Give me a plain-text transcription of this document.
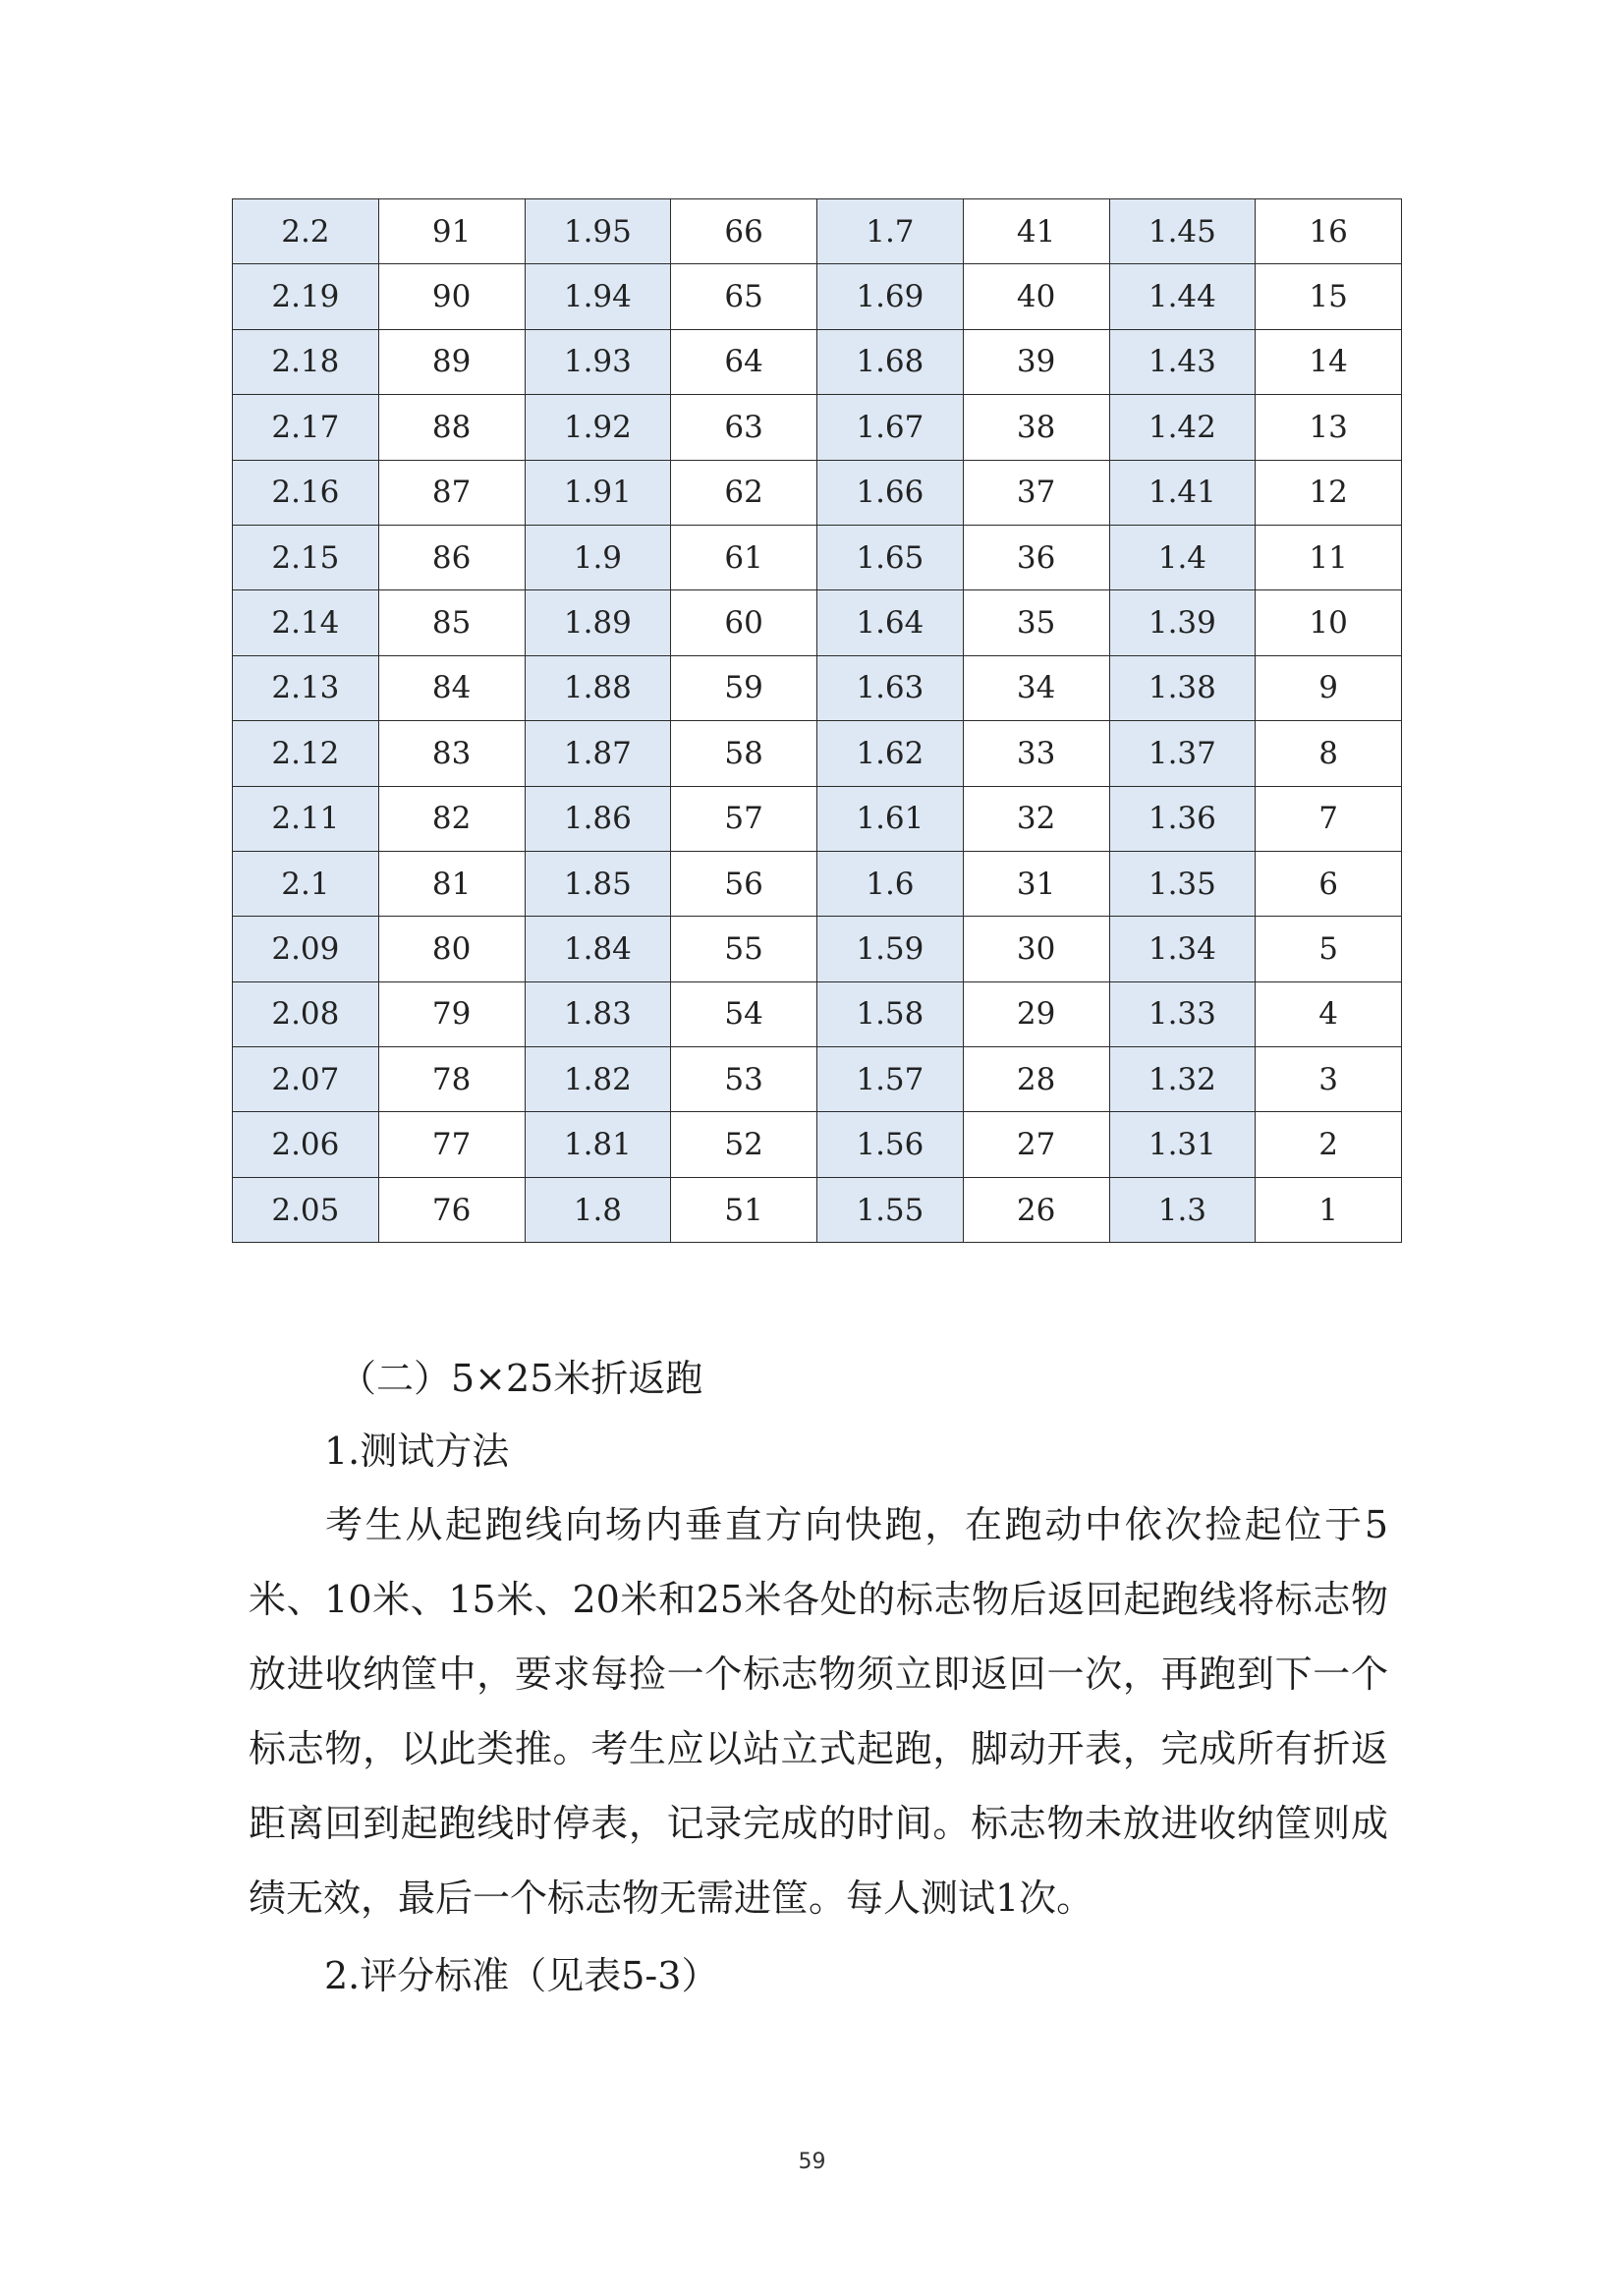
2.2	91	1.95	66	1.7	41	1.45	16
2.19	90	1.94	65	1.69	40	1.44	15
2.18	89	1.93	64	1.68	39	1.43	14
2.17	88	1.92	63	1.67	38	1.42	13
2.16	87	1.91	62	1.66	37	1.41	12
2.15	86	1.9	61	1.65	36	1.4	11
2.14	85	1.89	60	1.64	35	1.39	10
2.13	84	1.88	59	1.63	34	1.38	9
2.12	83	1.87	58	1.62	33	1.37	8
2.11	82	1.86	57	1.61	32	1.36	7
2.1	81	1.85	56	1.6	31	1.35	6
2.09	80	1.84	55	1.59	30	1.34	5
2.08	79	1.83	54	1.58	29	1.33	4
2.07	78	1.82	53	1.57	28	1.32	3
2.06	77	1.81	52	1.56	27	1.31	2
2.05	76	1.8	51	1.55	26	1.3	1

（二）5×25米折返跑

1.测试方法

考生从起跑线向场内垂直方向快跑，在跑动中依次捡起位于5米、10米、15米、20米和25米各处的标志物后返回起跑线将标志物放进收纳筐中，要求每捡一个标志物须立即返回一次，再跑到下一个标志物，以此类推。考生应以站立式起跑，脚动开表，完成所有折返距离回到起跑线时停表，记录完成的时间。标志物未放进收纳筐则成绩无效，最后一个标志物无需进筐。每人测试1次。

2.评分标准（见表5-3）

59
